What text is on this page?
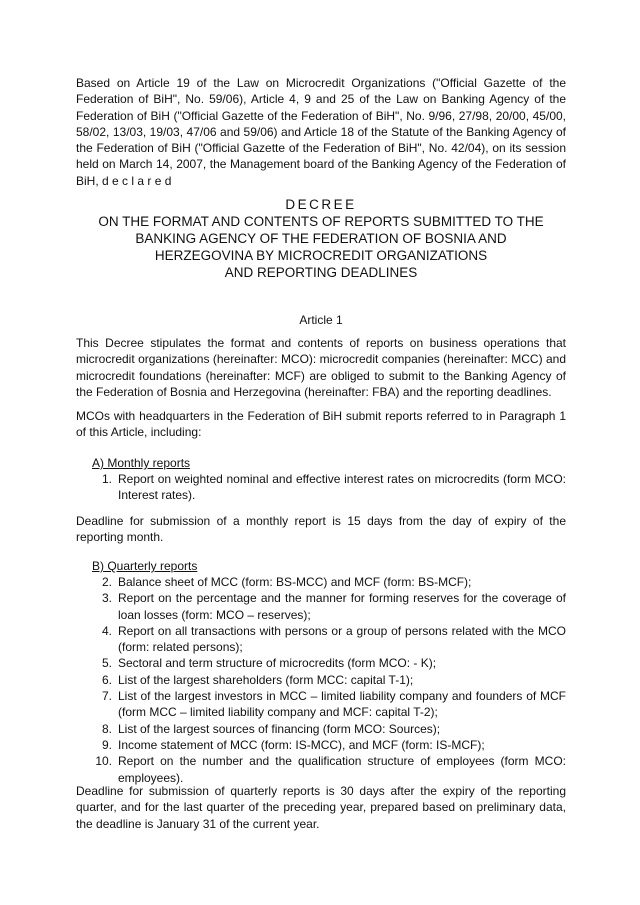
Based on Article 19 of the Law on Microcredit Organizations ("Official Gazette of the Federation of BiH", No. 59/06), Article 4, 9 and 25 of the Law on Banking Agency of the Federation of BiH ("Official Gazette of the Federation of BiH", No. 9/96, 27/98, 20/00, 45/00, 58/02, 13/03, 19/03, 47/06 and 59/06) and Article 18 of the Statute of the Banking Agency of the Federation of BiH ("Official Gazette of the Federation of BiH", No. 42/04), on its session held on March 14, 2007, the Management board of the Banking Agency of the Federation of BiH, d e c l a r e d

DECREE
ON THE FORMAT AND CONTENTS OF REPORTS SUBMITTED TO THE
BANKING AGENCY OF THE FEDERATION OF BOSNIA AND
HERZEGOVINA BY MICROCREDIT ORGANIZATIONS
AND REPORTING DEADLINES

Article 1

This Decree stipulates the format and contents of reports on business operations that microcredit organizations (hereinafter: MCO): microcredit companies (hereinafter: MCC) and microcredit foundations (hereinafter: MCF) are obliged to submit to the Banking Agency of the Federation of Bosnia and Herzegovina (hereinafter: FBA) and the reporting deadlines.

MCOs with headquarters in the Federation of BiH submit reports referred to in Paragraph 1 of this Article, including:

A) Monthly reports

1. Report on weighted nominal and effective interest rates on microcredits (form MCO: Interest rates).

Deadline for submission of a monthly report is 15 days from the day of expiry of the reporting month.

B) Quarterly reports

2. Balance sheet of MCC (form: BS-MCC) and MCF (form: BS-MCF);
3. Report on the percentage and the manner for forming reserves for the coverage of loan losses (form: MCO – reserves);
4. Report on all transactions with persons or a group of persons related with the MCO (form: related persons);
5. Sectoral and term structure of microcredits (form MCO: - K);
6. List of the largest shareholders (form MCC: capital T-1);
7. List of the largest investors in MCC – limited liability company and founders of MCF (form MCC – limited liability company and MCF: capital T-2);
8. List of the largest sources of financing (form MCO: Sources);
9. Income statement of MCC (form: IS-MCC), and MCF (form: IS-MCF);
10. Report on the number and the qualification structure of employees (form MCO: employees).

Deadline for submission of quarterly reports is 30 days after the expiry of the reporting quarter, and for the last quarter of the preceding year, prepared based on preliminary data, the deadline is January 31 of the current year.
